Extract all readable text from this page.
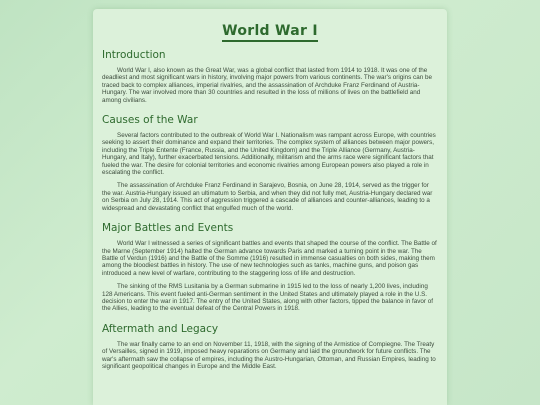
World War I
Introduction

World War I, also known as the Great War, was a global conflict that lasted from 1914 to 1918. It was one of the deadliest and most significant wars in history, involving major powers from various continents. The war's origins can be traced back to complex alliances, imperial rivalries, and the assassination of Archduke Franz Ferdinand of Austria-Hungary. The war involved more than 30 countries and resulted in the loss of millions of lives on the battlefield and among civilians.

Causes of the War

Several factors contributed to the outbreak of World War I. Nationalism was rampant across Europe, with countries seeking to assert their dominance and expand their territories. The complex system of alliances between major powers, including the Triple Entente (France, Russia, and the United Kingdom) and the Triple Alliance (Germany, Austria-Hungary, and Italy), further exacerbated tensions. Additionally, militarism and the arms race were significant factors that fueled the war. The desire for colonial territories and economic rivalries among European powers also played a role in escalating the conflict.

The assassination of Archduke Franz Ferdinand in Sarajevo, Bosnia, on June 28, 1914, served as the trigger for the war. Austria-Hungary issued an ultimatum to Serbia, and when they did not fully met, Austria-Hungary declared war on Serbia on July 28, 1914. This act of aggression triggered a cascade of alliances and counter-alliances, leading to a widespread and devastating conflict that engulfed much of the world.

Major Battles and Events

World War I witnessed a series of significant battles and events that shaped the course of the conflict. The Battle of the Marne (September 1914) halted the German advance towards Paris and marked a turning point in the war. The Battle of Verdun (1916) and the Battle of the Somme (1916) resulted in immense casualties on both sides, making them among the bloodiest battles in history. The use of new technologies such as tanks, machine guns, and poison gas introduced a new level of warfare, contributing to the staggering loss of life and destruction.

The sinking of the RMS Lusitania by a German submarine in 1915 led to the loss of nearly 1,200 lives, including 128 Americans. This event fueled anti-German sentiment in the United States and ultimately played a role in the U.S. decision to enter the war in 1917. The entry of the United States, along with other factors, tipped the balance in favor of the Allies, leading to the eventual defeat of the Central Powers in 1918.

Aftermath and Legacy

The war finally came to an end on November 11, 1918, with the signing of the Armistice of Compiegne. The Treaty of Versailles, signed in 1919, imposed heavy reparations on Germany and laid the groundwork for future conflicts. The war's aftermath saw the collapse of empires, including the Austro-Hungarian, Ottoman, and Russian Empires, leading to significant geopolitical changes in Europe and the Middle East.
